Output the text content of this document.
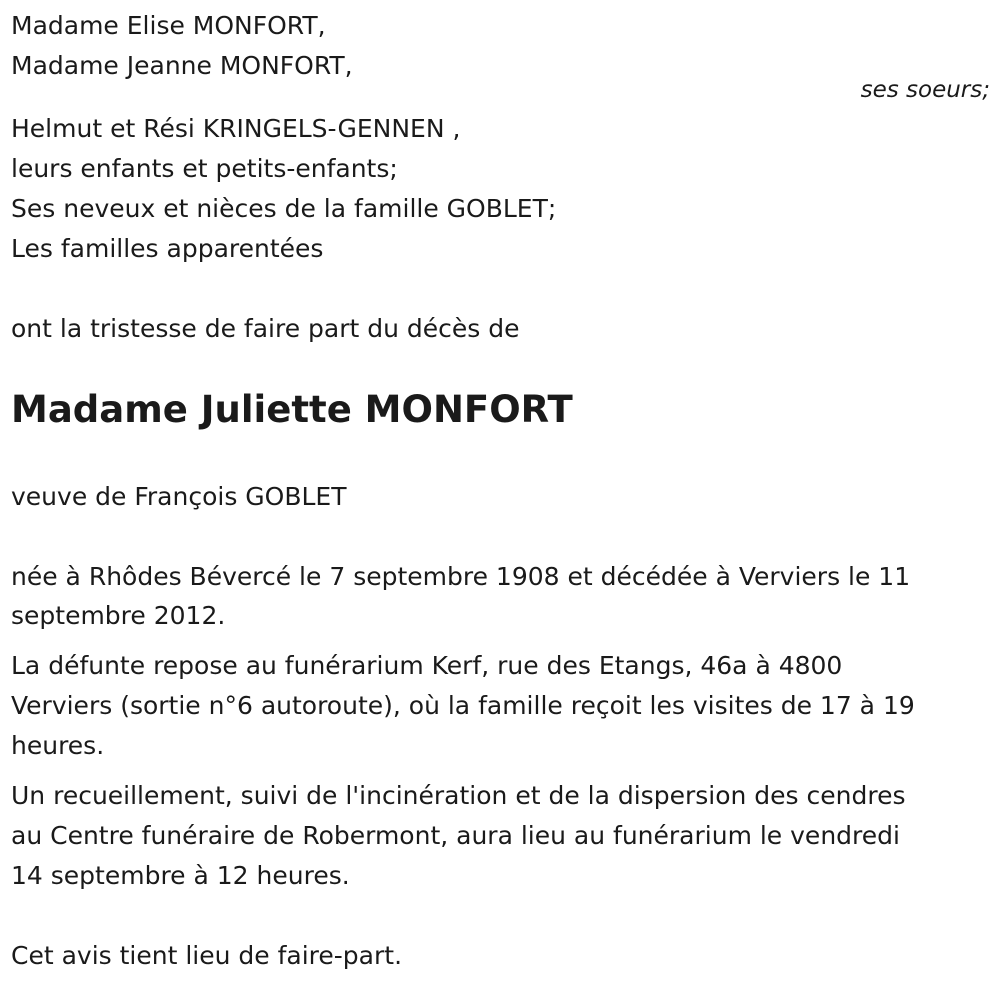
Madame Elise MONFORT,
Madame Jeanne MONFORT,
ses soeurs;
Helmut et Rési KRINGELS-GENNEN ,
leurs enfants et petits-enfants;
Ses neveux et nièces de la famille GOBLET;
Les familles apparentées
ont la tristesse de faire part du décès de
Madame Juliette MONFORT
veuve de François GOBLET
née à Rhôdes Bévercé le 7 septembre 1908 et décédée à Verviers le 11
septembre 2012.
La défunte repose au funérarium Kerf, rue des Etangs, 46a à 4800
Verviers (sortie n°6 autoroute), où la famille reçoit les visites de 17 à 19
heures.
Un recueillement, suivi de l'incinération et de la dispersion des cendres
au Centre funéraire de Robermont, aura lieu au funérarium le vendredi
14 septembre à 12 heures.
Cet avis tient lieu de faire-part.
